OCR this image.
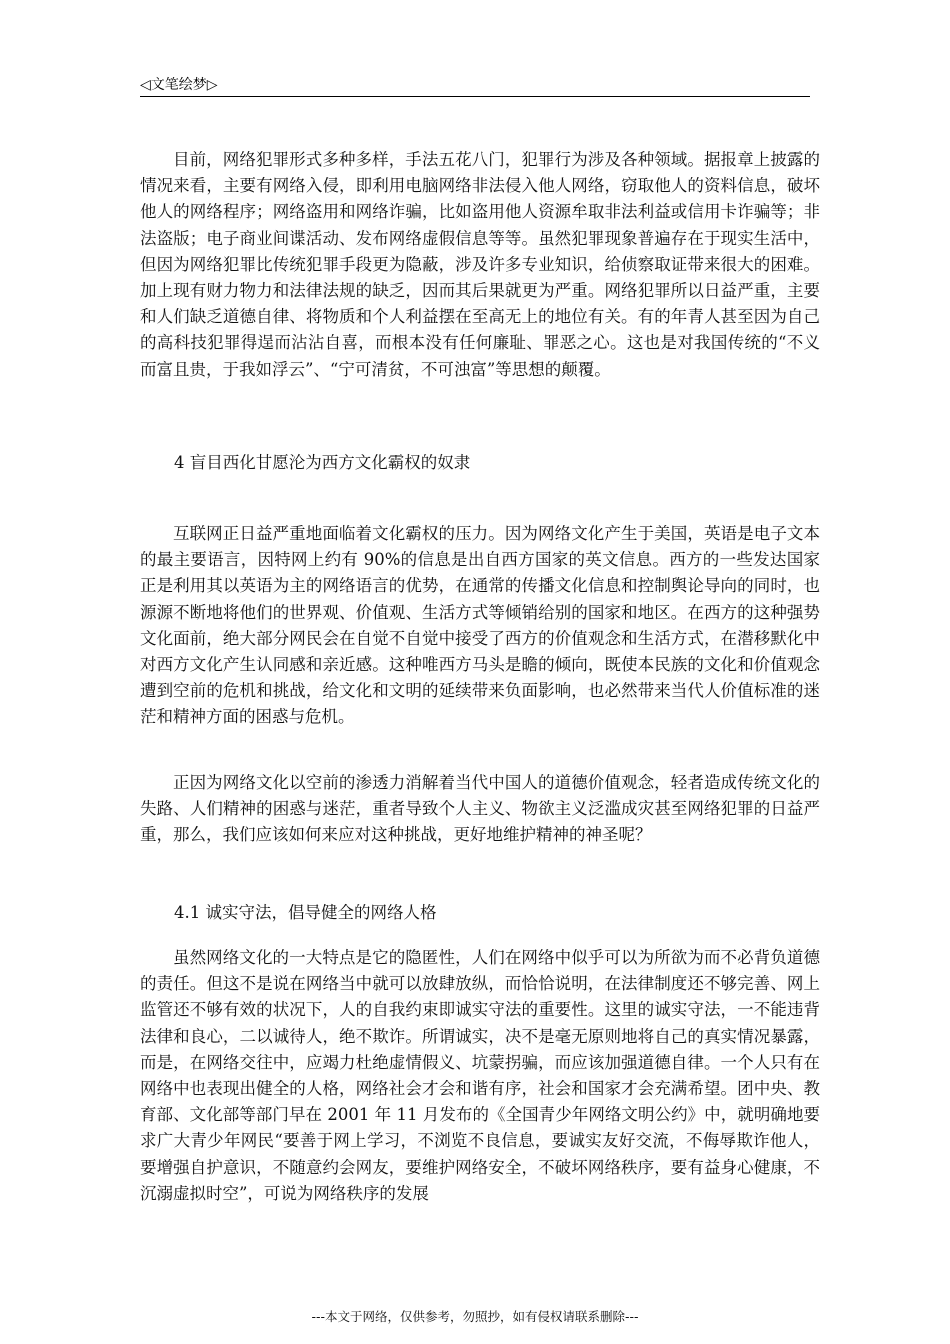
◁文笔绘梦▷

目前，网络犯罪形式多种多样，手法五花八门，犯罪行为涉及各种领域。据报章上披露的情况来看，主要有网络入侵，即利用电脑网络非法侵入他人网络，窃取他人的资料信息，破坏他人的网络程序；网络盗用和网络诈骗，比如盗用他人资源牟取非法利益或信用卡诈骗等；非法盗版；电子商业间谍活动、发布网络虚假信息等等。虽然犯罪现象普遍存在于现实生活中，但因为网络犯罪比传统犯罪手段更为隐蔽，涉及许多专业知识，给侦察取证带来很大的困难。加上现有财力物力和法律法规的缺乏，因而其后果就更为严重。网络犯罪所以日益严重，主要和人们缺乏道德自律、将物质和个人利益摆在至高无上的地位有关。有的年青人甚至因为自己的高科技犯罪得逞而沾沾自喜，而根本没有任何廉耻、罪恶之心。这也是对我国传统的“不义而富且贵，于我如浮云”、“宁可清贫，不可浊富”等思想的颠覆。

4 盲目西化甘愿沦为西方文化霸权的奴隶

互联网正日益严重地面临着文化霸权的压力。因为网络文化产生于美国，英语是电子文本的最主要语言，因特网上约有 90%的信息是出自西方国家的英文信息。西方的一些发达国家正是利用其以英语为主的网络语言的优势，在通常的传播文化信息和控制舆论导向的同时，也源源不断地将他们的世界观、价值观、生活方式等倾销给别的国家和地区。在西方的这种强势文化面前，绝大部分网民会在自觉不自觉中接受了西方的价值观念和生活方式，在潜移默化中对西方文化产生认同感和亲近感。这种唯西方马头是瞻的倾向，既使本民族的文化和价值观念遭到空前的危机和挑战，给文化和文明的延续带来负面影响，也必然带来当代人价值标准的迷茫和精神方面的困惑与危机。

正因为网络文化以空前的渗透力消解着当代中国人的道德价值观念，轻者造成传统文化的失路、人们精神的困惑与迷茫，重者导致个人主义、物欲主义泛滥成灾甚至网络犯罪的日益严重，那么，我们应该如何来应对这种挑战，更好地维护精神的神圣呢？

4.1 诚实守法，倡导健全的网络人格

虽然网络文化的一大特点是它的隐匿性，人们在网络中似乎可以为所欲为而不必背负道德的责任。但这不是说在网络当中就可以放肆放纵，而恰恰说明，在法律制度还不够完善、网上监管还不够有效的状况下，人的自我约束即诚实守法的重要性。这里的诚实守法，一不能违背法律和良心，二以诚待人，绝不欺诈。所谓诚实，决不是毫无原则地将自己的真实情况暴露，而是，在网络交往中，应竭力杜绝虚情假义、坑蒙拐骗，而应该加强道德自律。一个人只有在网络中也表现出健全的人格，网络社会才会和谐有序，社会和国家才会充满希望。团中央、教育部、文化部等部门早在 2001 年 11 月发布的《全国青少年网络文明公约》中，就明确地要求广大青少年网民“要善于网上学习，不浏览不良信息，要诚实友好交流，不侮辱欺诈他人，要增强自护意识，不随意约会网友，要维护网络安全，不破坏网络秩序，要有益身心健康，不沉溺虚拟时空”，可说为网络秩序的发展

---本文于网络，仅供参考，勿照抄，如有侵权请联系删除---
